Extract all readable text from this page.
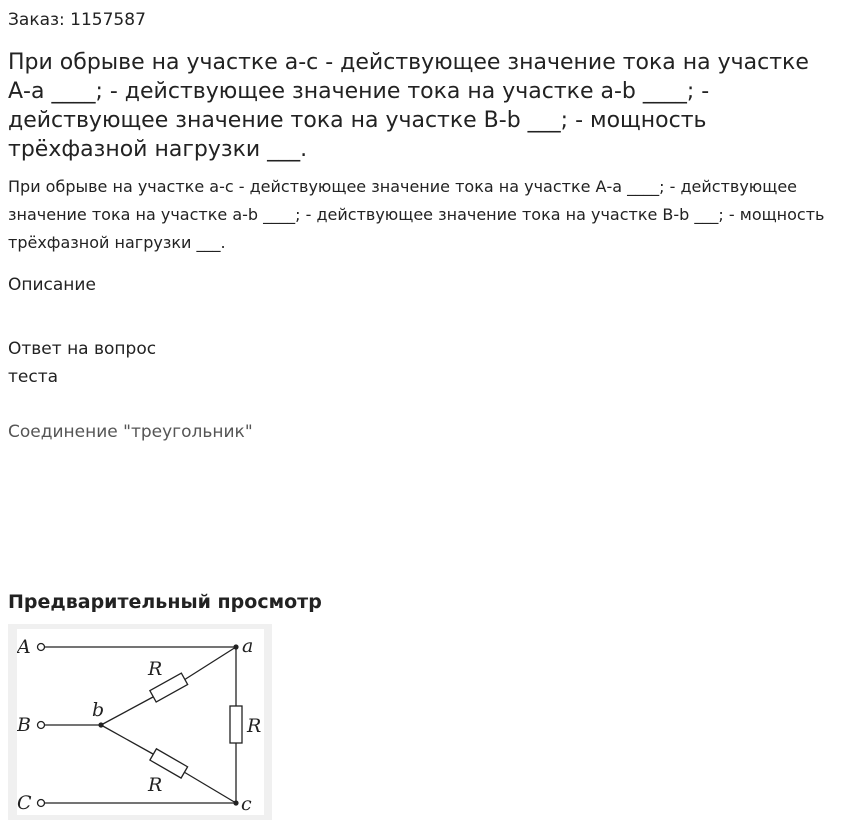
Заказ: 1157587
При обрыве на участке а-с - действующее значение тока на участке А-а ____; - действующее значение тока на участке а-b ____; - действующее значение тока на участке B-b ___; - мощность трёхфазной нагрузки ___.
При обрыве на участке а-с - действующее значение тока на участке А-а ____; - действующее значение тока на участке а-b ____; - действующее значение тока на участке B-b ___; - мощность трёхфазной нагрузки ___.
Описание
Ответ на вопрос теста
Соединение "треугольник"
Предварительный просмотр
A
B
C
a
b
c
R
R
R
